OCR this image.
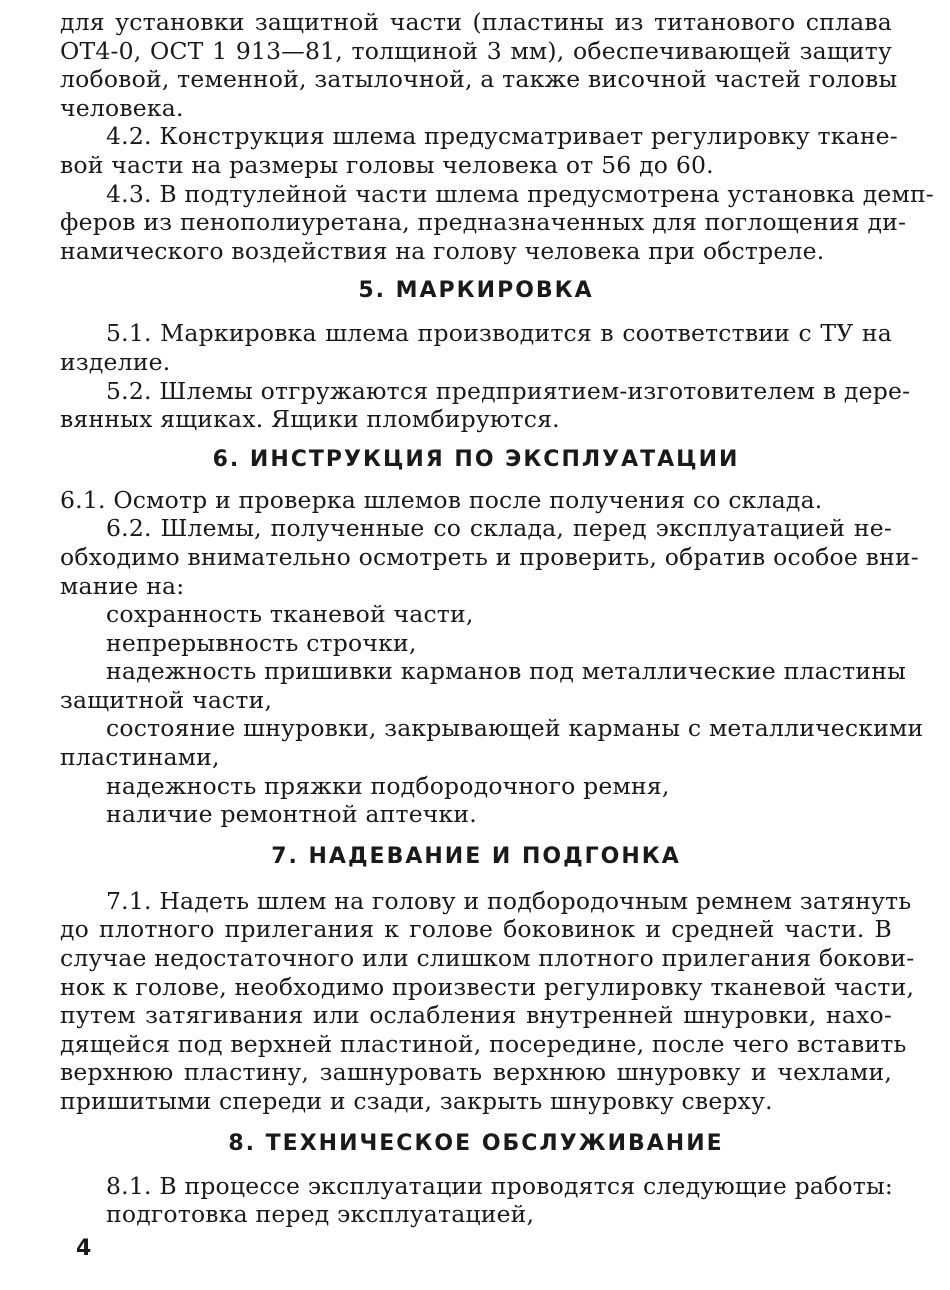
для установки защитной части (пластины из титанового сплава
ОТ4-0, ОСТ 1 913—81, толщиной 3 мм), обеспечивающей защиту
лобовой, теменной, затылочной, а также височной частей головы
человека.
4.2. Конструкция шлема предусматривает регулировку ткане-
вой части на размеры головы человека от 56 до 60.
4.3. В подтулейной части шлема предусмотрена установка демп-
феров из пенополиуретана, предназначенных для поглощения ди-
намического воздействия на голову человека при обстреле.
5. МАРКИРОВКА
5.1. Маркировка шлема производится в соответствии с ТУ на
изделие.
5.2. Шлемы отгружаются предприятием-изготовителем в дере-
вянных ящиках. Ящики пломбируются.
6. ИНСТРУКЦИЯ ПО ЭКСПЛУАТАЦИИ
6.1. Осмотр и проверка шлемов после получения со склада.
6.2. Шлемы, полученные со склада, перед эксплуатацией не-
обходимо внимательно осмотреть и проверить, обратив особое вни-
мание на:
сохранность тканевой части,
непрерывность строчки,
надежность пришивки карманов под металлические пластины
защитной части,
состояние шнуровки, закрывающей карманы с металлическими
пластинами,
надежность пряжки подбородочного ремня,
наличие ремонтной аптечки.
7. НАДЕВАНИЕ И ПОДГОНКА
7.1. Надеть шлем на голову и подбородочным ремнем затянуть
до плотного прилегания к голове боковинок и средней части. В
случае недостаточного или слишком плотного прилегания бокови-
нок к голове, необходимо произвести регулировку тканевой части,
путем затягивания или ослабления внутренней шнуровки, нахо-
дящейся под верхней пластиной, посередине, после чего вставить
верхнюю пластину, зашнуровать верхнюю шнуровку и чехлами,
пришитыми спереди и сзади, закрыть шнуровку сверху.
8. ТЕХНИЧЕСКОЕ ОБСЛУЖИВАНИЕ
8.1. В процессе эксплуатации проводятся следующие работы:
подготовка перед эксплуатацией,
4
